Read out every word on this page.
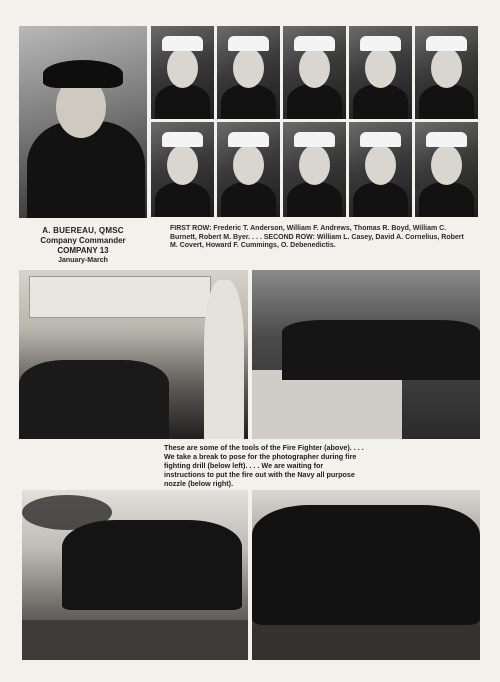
A. BUEREAU, QMSC
Company Commander
COMPANY 13
January-March
FIRST ROW: Frederic T. Anderson, William F. Andrews, Thomas R. Boyd, William C. Burnett, Robert M. Byer. . . . SECOND ROW: William L. Casey, David A. Cornelius, Robert M. Covert, Howard F. Cummings, O. Debenedictis.
These are some of the tools of the Fire Fighter (above). . . . We take a break to pose for the photographer during fire fighting drill (below left). . . . We are waiting for instructions to put the fire out with the Navy all purpose nozzle (below right).
